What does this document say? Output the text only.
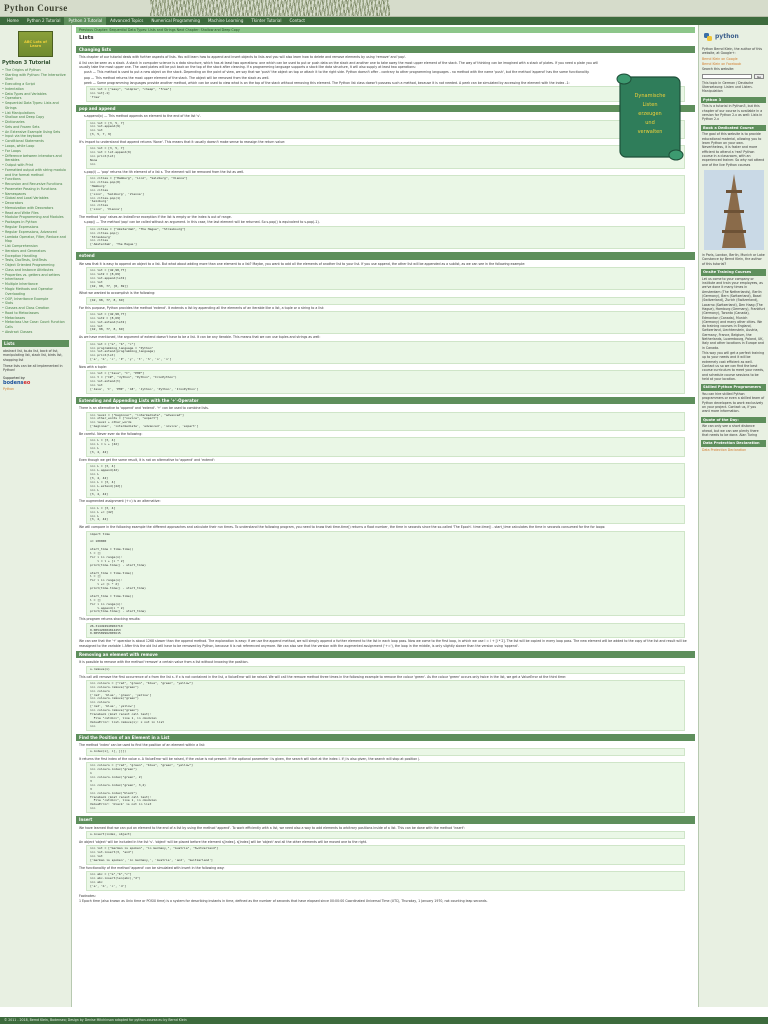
Python Course
Home	Python 2 Tutorial	Python 3 Tutorial	Advanced Topics	Numerical Programming	Machine Learning	Tkinter Tutorial	Contact
ABC Lots of Learn
Python 3 Tutorial
• The Origins of Python
• Starting with Python: The Interactive Shell
• Executing a Script
• Indentation
• Data Types and Variables
• Operators
• Sequential Data Types: Lists and Strings
• List Manipulations
• Shallow and Deep Copy
• Dictionaries
• Sets and Frozen Sets
• An Extensive Example Using Sets
• Input via the keyboard
• Conditional Statements
• Loops, while Loop
• For Loops
• Difference between interators and Iterables
• Output with Print
• Formatted output with string modulo and the format method
• Functions
• Recursion and Recursive Functions
• Parameter Passing in Functions
• Namespaces
• Global and Local Variables
• Decorators
• Memoization with Decorators
• Read and Write Files
• Modular Programming and Modules
• Packages in Python
• Regular Expressions
• Regular Expressions, Advanced
• Lambda Operator, Filter, Reduce and Map
• List Comprehension
• Iterators and Generators
• Exception Handling
• Tests, DocTests, UnitTests
• Object Oriented Programming
• Class and Instance Attributes
• Properties vs. getters and setters
• Inheritance
• Multiple Inheritance
• Magic Methods and Operator Overloading
• OOP, Inheritance Example
• Slots
• Classes and Class Creation
• Road to Metaclasses
• Metaclasses
• Metaclass Use Case: Count Function Calls
• Abstract Classes
Lists

abstract list, to-do list, back of list, manipulating list, stack list, birds list, shopping list

These lists can be all implemented in Python!

Supported by:
bodenseo
Python
Previous Chapter: Sequential Data Types: Lists and Strings Next Chapter: Shallow and Deep Copy
Lists
Changing lists
This chapter of our tutorial deals with further aspects of lists. You will learn how to append and insert objects to lists and you will also learn how to delete and remove elements by using 'remove' and 'pop'.
A list can be seen as a stack. A stack in computer science is a data structure, which has at least two operations: one which can be used to put or push data on the stack and another one to take away the most upper element of the stack. The way of thinking can be imagined with a stack of plates. If you need a plate you will usually take the most upper one. The used plates will be put back on the top of the stack after cleaning. If a programming language supports a stack like data structure, it will also supply at least two operations:
push — This method is used to put a new object on the stack. Depending on the point of view, we say that we 'push' the object on top or attach it to the right side. Python doesn't offer - contrary to other programming languages - no method with the name 'push', but the method 'append' has the same functionality.
pop — This method returns the most upper element of the stack. The object will be removed from the stack as well.
peek — Some programming languages provide another method, which can be used to view what is on the top of the stack without removing this element. The Python list class doesn't possess such a method, because it is not needed. A peek can be simulated by accessing the element with the index -1:
>>> lst = ["easy", "simple", "cheap", "free"]
>>> lst[-1]
'free'
pop and append
s.append(x) — This method appends an element to the end of the list 's'.
>>> lst = [3, 5, 7]
>>> lst.append(9)
>>> lst
[3, 5, 7, 9]
It's import to understand that append returns 'None'. This means that it usually doesn't make sense to reassign the return value:
>>> lst = [3, 5, 7]
>>> lst = lst.append(9)
>>> print(lst)
None
>>>
s.pop(i) — 'pop' returns the ith element of a list s. The element will be removed from the list as well.
>>> cities = ["Hamburg", "Linz", "Salzburg", "Vienna"]
>>> cities.pop(0)
'Hamburg'
>>> cities
['Linz', 'Salzburg', 'Vienna']
>>> cities.pop(1)
'Salzburg'
>>> cities
['Linz', 'Vienna']
The method 'pop' raises an IndexError exception if the list is empty or the index is out of range.
s.pop() — The method 'pop' can be called without an argument. In this case, the last element will be returned. So s.pop() is equivalent to s.pop(-1).
>>> cities = ["Amsterdam", "The Hague", "Strasbourg"]
>>> cities.pop()
'Strasbourg'
>>> cities
['Amsterdam', 'The Hague']
extend
We saw that it is easy to append an object to a list. But what about adding more than one element to a list? Maybe, you want to add all the elements of another list to your list. If you use append, the other list will be appended as a sublist, as we can see in the following example:
>>> lst = [42,98,77]
>>> lst2 = [8,69]
>>> lst.append(lst2)
>>> lst
[42, 98, 77, [8, 69]]
What we wanted to accomplish is the following:
[42, 98, 77, 8, 69]
For this purpose, Python provides the method 'extend'. It extends a list by appending all the elements of an iterable like a list, a tuple or a string to a list:
>>> lst = [42,98,77]
>>> lst2 = [8,69]
>>> lst.extend(lst2)
>>> lst
[42, 98, 77, 8, 69]
As we have mentioned, the argument of extend doesn't have to be a list. It can be any iterable. This means that we can use tuples and strings as well:
>>> lst = ["a", "b", "c"]
>>> programming_language = "Python"
>>> lst.extend(programming_language)
>>> print(lst)
['a', 'b', 'c', 'P', 'y', 't', 'h', 'o', 'n']
Now with a tuple:
>>> lst = ["Java", "C", "PHP"]
>>> t = ("C#", "Jython", "Python", "IronPython")
>>> lst.extend(t)
>>> lst
['Java', 'C', 'PHP', 'C#', 'Jython', 'Python', 'IronPython']
Extending and Appending Lists with the '+'-Operator
There is an alternative to 'append' and 'extend'. '+' can be used to combine lists.
>>> level = ["beginner", "intermediate", "advanced"]
>>> other_words = ["novice", "expert"]
>>> level + other_words
['beginner', 'intermediate', 'advanced', 'novice', 'expert']
Be careful. Never ever do the following:
>>> L = [3, 4]
>>> L = L + [42]
>>> L
[3, 4, 42]
Even though we get the same result, it is not an alternative to 'append' and 'extend':
>>> L = [3, 4]
>>> L.append(42)
>>> L
[3, 4, 42]
>>> L = [3, 4]
>>> L.extend([42])
>>> L
[3, 4, 42]
The augmented assignment (+=) is an alternative:
>>> L = [3, 4]
>>> L += [42]
>>> L
[3, 4, 42]
We will compare in the following example the different approaches and calculate their run times. To understand the following program, you need to know that time.time() returns a float number, the time in seconds since the so-called 'The Epoch'. time.time() - start_time calculates the time in seconds consumed for the for loops:
import time

n= 100000

start_time = time.time()
l = []
for i in range(n):
l = l + [i * 2]
print(time.time() - start_time)

start_time = time.time()
l = []
for i in range(n):
l += [i * 2]
print(time.time() - start_time)

start_time = time.time()
l = []
for i in range(n):
l.append(i * 2)
print(time.time() - start_time)
This program returns shocking results:
26.314492940902710
0.005420684814453
0.005589962005615
We can see that the '+' operator is about 1268 slower than the append method. The explanation is easy: If we use the append method, we will simply append a further element to the list in each loop pass. Now we come to the first loop, in which we use l = l + [i * 2]. The list will be copied in every loop pass. The new element will be added to the copy of the list and result will be reassigned to the variable l. After this the old list will have to be removed by Python, because it is not referenced anymore. We can also see that the version with the augmented assignment ('+='), the loop in the middle, is only slightly slower than the version using 'append'.
Removing an element with remove
It is possible to remove with the method 'remove' a certain value from a list without knowing the position.
s.remove(x)
This call will remove the first occurrence of x from the list s. If x is not contained in the list, a ValueError will be raised. We will call the remove method three times in the following example to remove the colour 'green'. As the colour 'green' occurs only twice in the list, we get a ValueError at the third time:
>>> colours = ["red", "green", "blue", "green", "yellow"]
>>> colours.remove("green")
>>> colours
['red', 'blue', 'green', 'yellow']
>>> colours.remove("green")
>>> colours
['red', 'blue', 'yellow']
>>> colours.remove("green")
Traceback (most recent call last):
File "<stdin>", line 1, in <module>
ValueError: list.remove(x): x not in list
>>>
Find the Position of an Element in a List
The method 'index' can be used to find the position of an element within a list:
s.index(x[, i[, j]])
It returns the first index of the value x. A ValueError will be raised, if the value is not present. If the optional parameter i is given, the search will start at the index i. If j is also given, the search will stop at position j.
>>> colours = ["red", "green", "blue", "green", "yellow"]
>>> colours.index("green")
1
>>> colours.index("green", 2)
3
>>> colours.index("green", 3,4)
3
>>> colours.index("black")
Traceback (most recent call last):
File "<stdin>", line 1, in <module>
ValueError: 'black' is not in list
>>>
Insert
We have learned that we can put an element to the end of a list by using the method 'append'. To work efficiently with a list, we need also a way to add elements to arbitrary positions inside of a list. This can be done with the method 'insert':
s.insert(index, object)
An object 'object' will be included in the list 's'. 'object' will be placed before the element s[index]. s[index] will be 'object' and all the other elements will be moved one to the right.
>>> lst = ["German is spoken", "in Germany,", "Austria", "Switzerland"]
>>> lst.insert(3, "and")
>>> lst
['German is spoken', 'in Germany,', 'Austria', 'and', 'Switzerland']
The functionality of the method 'append' can be simulated with insert in the following way:
>>> abc = ["a","b","c"]
>>> abc.insert(len(abc),"d")
>>> abc
['a', 'b', 'c', 'd']
Footnotes:
1 Epoch time (also known as Unix time or POSIX time) is a system for describing instants in time, defined as the number of seconds that have elapsed since 00:00:00 Coordinated Universal Time (UTC), Thursday, 1 January 1970, not counting leap seconds.
Dynamische
Listen
erzeugen
und
verwalten
python
Python Bernd Klein, the author of this website, at Google+:
Bernd Klein on Google
Bernd Klein on Facebook
Search this website:
Go
This topic in German / Deutsche Übersetzung: Listen und Listen-Manipulation
Python 3
This is a tutorial in Python3, but this chapter of our course is available in a version for Python 2.x as well: Lists in Python 2.x
Book a Dedicated Course
The goal of this website is to provide educational material, allowing you to learn Python on your own. Nevertheless, it is faster and more efficient to attend a 'real' Python course in a classroom, with an experienced trainer. So why not attend one of the live Python courses
in Paris, London, Berlin, Munich or Lake Constance by Bernd Klein, the author of this tutorial?
Onsite Training Courses
Let us come to your company or institute and train your employees, as we've done it many times in Amsterdam (The Netherlands), Berlin (Germany), Bern (Switzerland), Basel (Switzerland), Zurich (Switzerland), Locarno (Switzerland), Den Haag (The Hague), Hamburg (Germany), Frankfurt (Germany), Toronto (Canada), Edmonton (Canada), Munich (Germany) and many other cities. We do training courses in England, Switzerland, Liechtenstein, Austria, Germany, France, Belgium, the Netherlands, Luxembourg, Poland, UK, Italy and other locations in Europe and in Canada.
This way you will get a perfect training up to your needs and it will be extremely cost efficient as well. Contact us so we can find the best course curriculum to meet your needs, and schedule course sessions to be held at your location.
Skilled Python Programmers
You can hire skilled Python programmers or even a skilled team of Python developers to work exclusively on your project. Contact us, if you want more information.
Quote of the Day:
We can only see a short distance ahead, but we can see plenty there that needs to be done. Alan Turing
Data Protection Declaration
Data Protection Declaration
© 2011 - 2018, Bernd Klein, Bodenseo; Design by Denise Mitchinson adapted for python-course.eu by Bernd Klein
